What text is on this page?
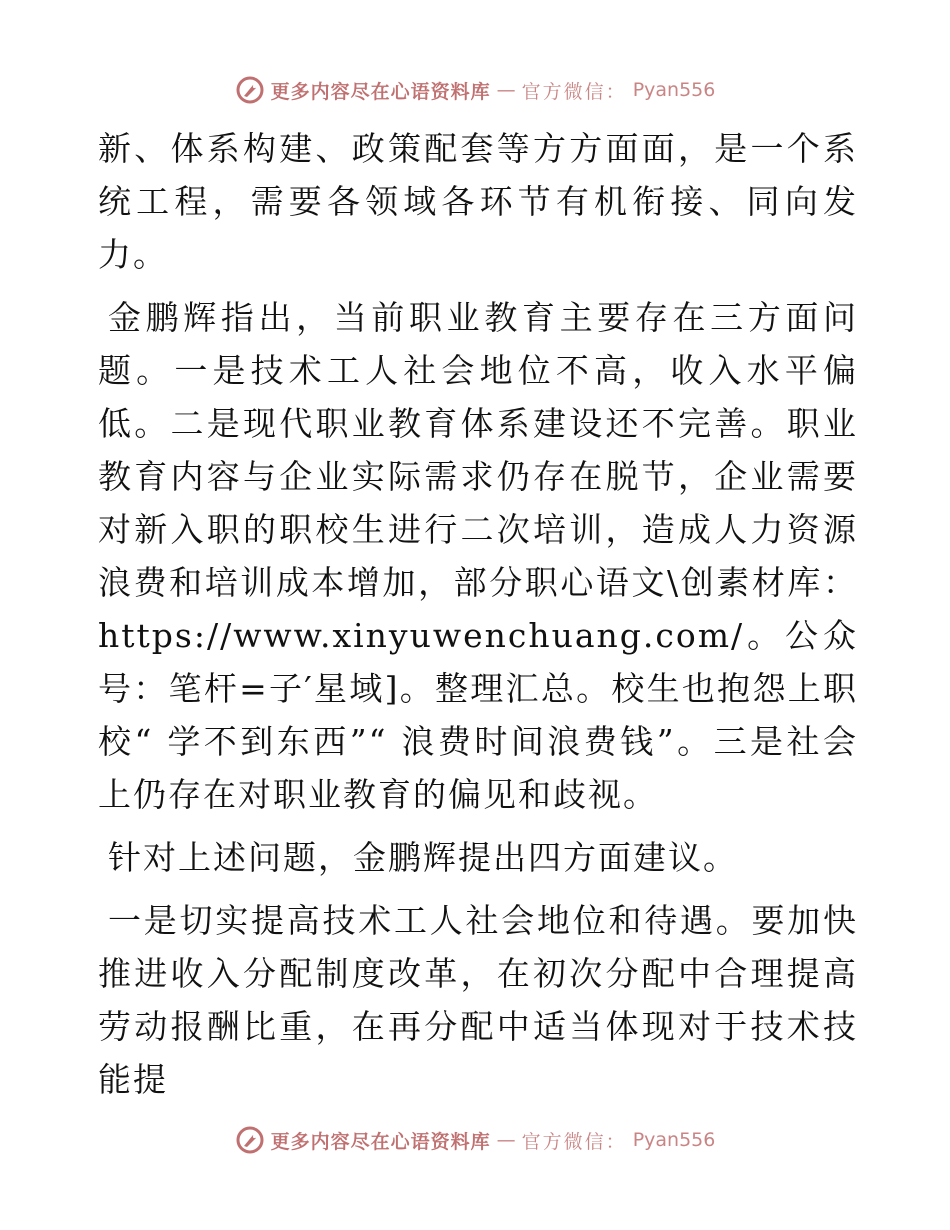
更多内容尽在心语资料库 — 官方微信： Pyan556

新、体系构建、政策配套等方方面面，是一个系统工程，需要各领域各环节有机衔接、同向发力。

金鹏辉指出，当前职业教育主要存在三方面问题。一是技术工人社会地位不高，收入水平偏低。二是现代职业教育体系建设还不完善。职业教育内容与企业实际需求仍存在脱节，企业需要对新入职的职校生进行二次培训，造成人力资源浪费和培训成本增加，部分职心语文\创素材库：https://www.xinyuwenchuang.com/。公众号：笔杆=子′星域]。整理汇总。校生也抱怨上职校“ 学不到东西”“ 浪费时间浪费钱”。三是社会上仍存在对职业教育的偏见和歧视。

针对上述问题，金鹏辉提出四方面建议。

一是切实提高技术工人社会地位和待遇。要加快推进收入分配制度改革，在初次分配中合理提高劳动报酬比重，在再分配中适当体现对于技术技能提

更多内容尽在心语资料库 — 官方微信： Pyan556
